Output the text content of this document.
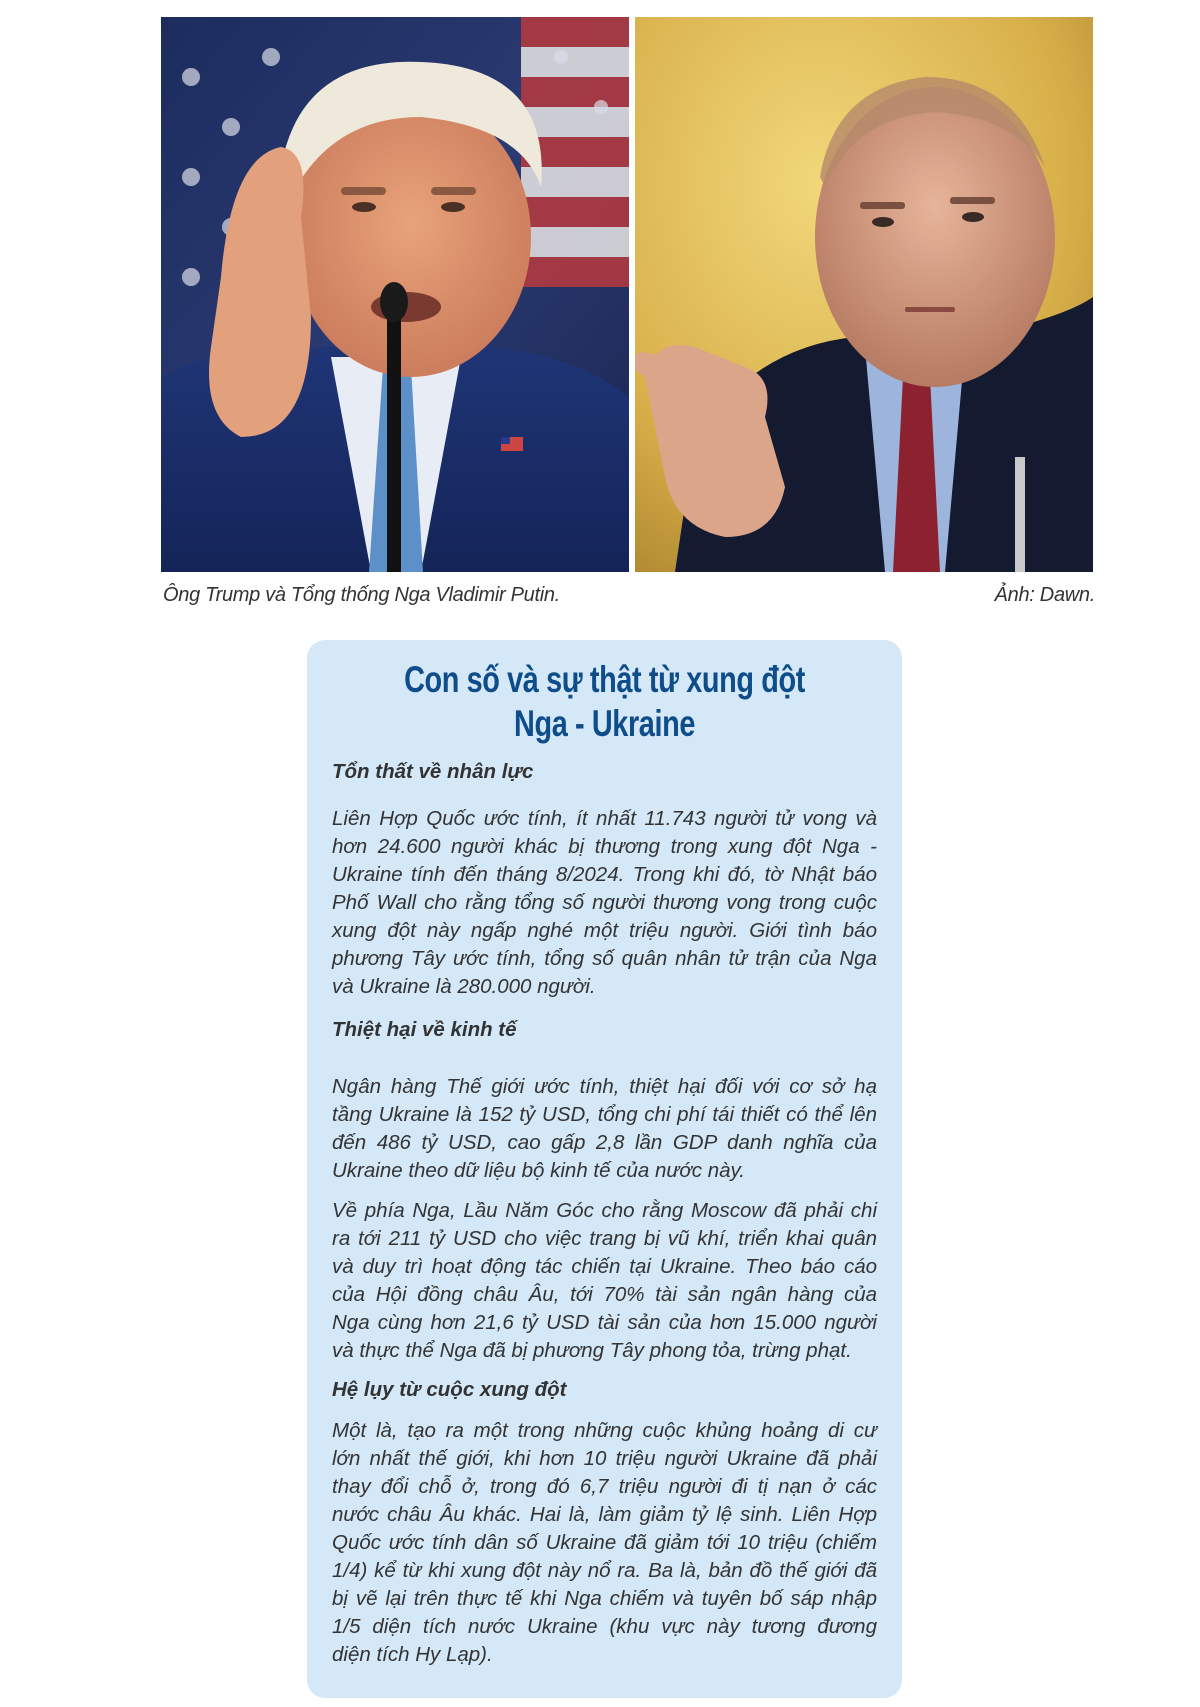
Ông Trump và Tổng thống Nga Vladimir Putin.	Ảnh: Dawn.
Con số và sự thật từ xung đột
Nga - Ukraine

Tổn thất về nhân lực

Liên Hợp Quốc ước tính, ít nhất 11.743 người tử vong và
hơn 24.600 người khác bị thương trong xung đột Nga -
Ukraine tính đến tháng 8/2024. Trong khi đó, tờ Nhật báo
Phố Wall cho rằng tổng số người thương vong trong cuộc
xung đột này ngấp nghé một triệu người. Giới tình báo
phương Tây ước tính, tổng số quân nhân tử trận của Nga
và Ukraine là 280.000 người.

Thiệt hại về kinh tế

Ngân hàng Thế giới ước tính, thiệt hại đối với cơ sở hạ
tầng Ukraine là 152 tỷ USD, tổng chi phí tái thiết có thể lên
đến 486 tỷ USD, cao gấp 2,8 lần GDP danh nghĩa của
Ukraine theo dữ liệu bộ kinh tế của nước này.

Về phía Nga, Lầu Năm Góc cho rằng Moscow đã phải chi
ra tới 211 tỷ USD cho việc trang bị vũ khí, triển khai quân
và duy trì hoạt động tác chiến tại Ukraine. Theo báo cáo
của Hội đồng châu Âu, tới 70% tài sản ngân hàng của
Nga cùng hơn 21,6 tỷ USD tài sản của hơn 15.000 người
và thực thể Nga đã bị phương Tây phong tỏa, trừng phạt.

Hệ lụy từ cuộc xung đột

Một là, tạo ra một trong những cuộc khủng hoảng di cư
lớn nhất thế giới, khi hơn 10 triệu người Ukraine đã phải
thay đổi chỗ ở, trong đó 6,7 triệu người đi tị nạn ở các
nước châu Âu khác. Hai là, làm giảm tỷ lệ sinh. Liên Hợp
Quốc ước tính dân số Ukraine đã giảm tới 10 triệu (chiếm
1/4) kể từ khi xung đột này nổ ra. Ba là, bản đồ thế giới đã
bị vẽ lại trên thực tế khi Nga chiếm và tuyên bố sáp nhập
1/5 diện tích nước Ukraine (khu vực này tương đương
diện tích Hy Lạp).
